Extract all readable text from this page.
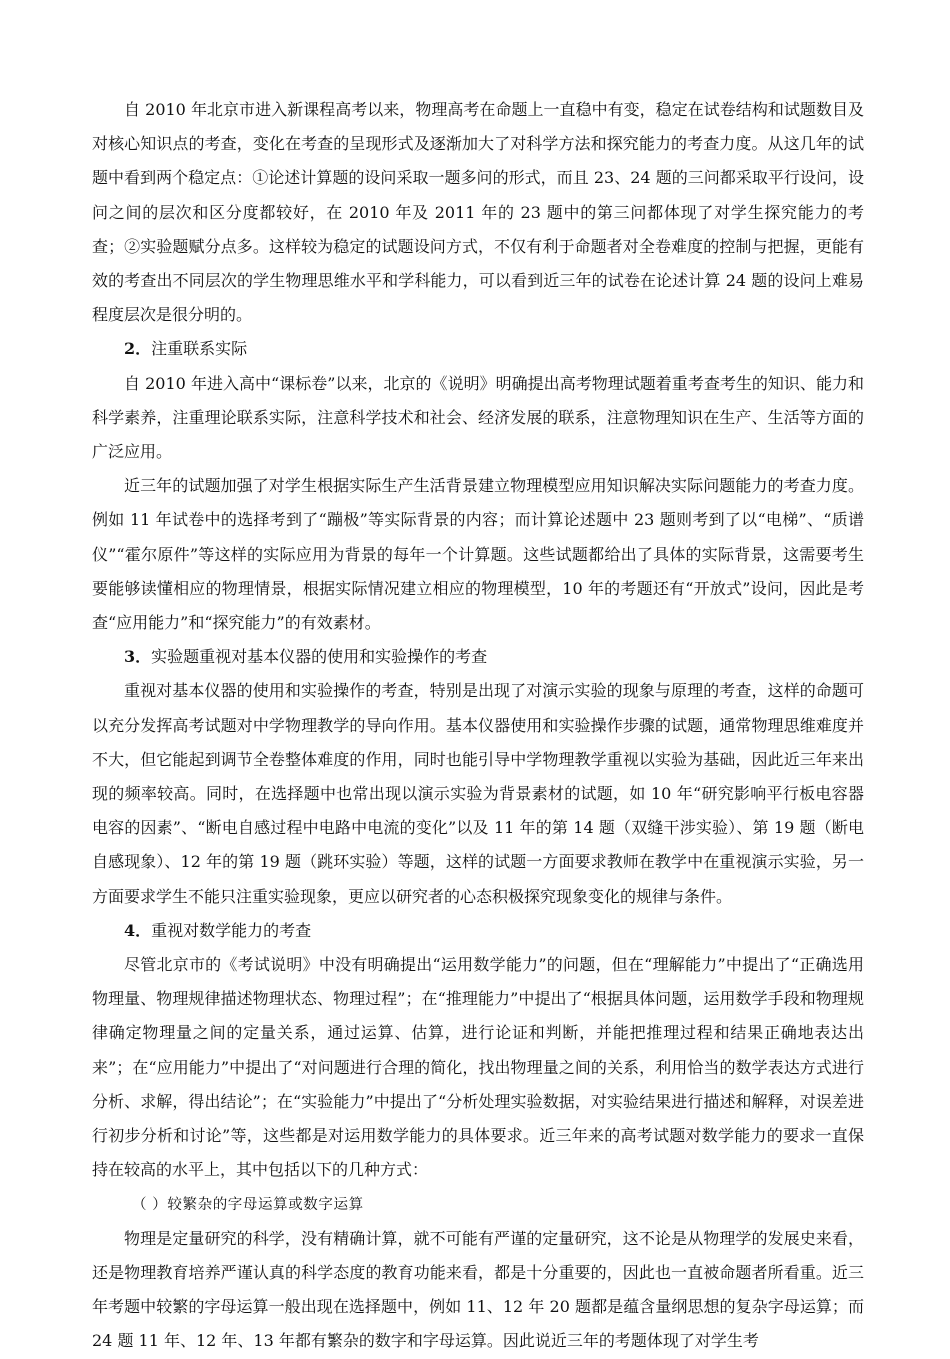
自 2010 年北京市进入新课程高考以来，物理高考在命题上一直稳中有变，稳定在试卷结构和试题数目及对核心知识点的考查，变化在考查的呈现形式及逐渐加大了对科学方法和探究能力的考查力度。从这几年的试题中看到两个稳定点：①论述计算题的设问采取一题多问的形式，而且 23、24 题的三问都采取平行设问，设问之间的层次和区分度都较好，在 2010 年及 2011 年的 23 题中的第三问都体现了对学生探究能力的考查；②实验题赋分点多。这样较为稳定的试题设问方式，不仅有利于命题者对全卷难度的控制与把握，更能有效的考查出不同层次的学生物理思维水平和学科能力，可以看到近三年的试卷在论述计算 24 题的设问上难易程度层次是很分明的。

2．注重联系实际

自 2010 年进入高中“课标卷”以来，北京的《说明》明确提出高考物理试题着重考查考生的知识、能力和科学素养，注重理论联系实际，注意科学技术和社会、经济发展的联系，注意物理知识在生产、生活等方面的广泛应用。

近三年的试题加强了对学生根据实际生产生活背景建立物理模型应用知识解决实际问题能力的考查力度。例如 11 年试卷中的选择考到了“蹦极”等实际背景的内容；而计算论述题中 23 题则考到了以“电梯”、“质谱仪”“霍尔原件”等这样的实际应用为背景的每年一个计算题。这些试题都给出了具体的实际背景，这需要考生要能够读懂相应的物理情景，根据实际情况建立相应的物理模型，10 年的考题还有“开放式”设问，因此是考查“应用能力”和“探究能力”的有效素材。

3．实验题重视对基本仪器的使用和实验操作的考查

重视对基本仪器的使用和实验操作的考查，特别是出现了对演示实验的现象与原理的考查，这样的命题可以充分发挥高考试题对中学物理教学的导向作用。基本仪器使用和实验操作步骤的试题，通常物理思维难度并不大，但它能起到调节全卷整体难度的作用，同时也能引导中学物理教学重视以实验为基础，因此近三年来出现的频率较高。同时，在选择题中也常出现以演示实验为背景素材的试题，如 10 年“研究影响平行板电容器电容的因素”、“断电自感过程中电路中电流的变化”以及 11 年的第 14 题（双缝干涉实验）、第 19 题（断电自感现象）、12 年的第 19 题（跳环实验）等题，这样的试题一方面要求教师在教学中在重视演示实验，另一方面要求学生不能只注重实验现象，更应以研究者的心态积极探究现象变化的规律与条件。

4．重视对数学能力的考查

尽管北京市的《考试说明》中没有明确提出“运用数学能力”的问题，但在“理解能力”中提出了“正确选用物理量、物理规律描述物理状态、物理过程”；在“推理能力”中提出了“根据具体问题，运用数学手段和物理规律确定物理量之间的定量关系，通过运算、估算，进行论证和判断，并能把推理过程和结果正确地表达出来”；在“应用能力”中提出了“对问题进行合理的简化，找出物理量之间的关系，利用恰当的数学表达方式进行分析、求解，得出结论”；在“实验能力”中提出了“分析处理实验数据，对实验结果进行描述和解释，对误差进行初步分析和讨论”等，这些都是对运用数学能力的具体要求。近三年来的高考试题对数学能力的要求一直保持在较高的水平上，其中包括以下的几种方式：

（ ）较繁杂的字母运算或数字运算

物理是定量研究的科学，没有精确计算，就不可能有严谨的定量研究，这不论是从物理学的发展史来看，还是物理教育培养严谨认真的科学态度的教育功能来看，都是十分重要的，因此也一直被命题者所看重。近三年考题中较繁的字母运算一般出现在选择题中，例如 11、12 年 20 题都是蕴含量纲思想的复杂字母运算；而 24 题 11 年、12 年、13 年都有繁杂的数字和字母运算。因此说近三年的考题体现了对学生考
